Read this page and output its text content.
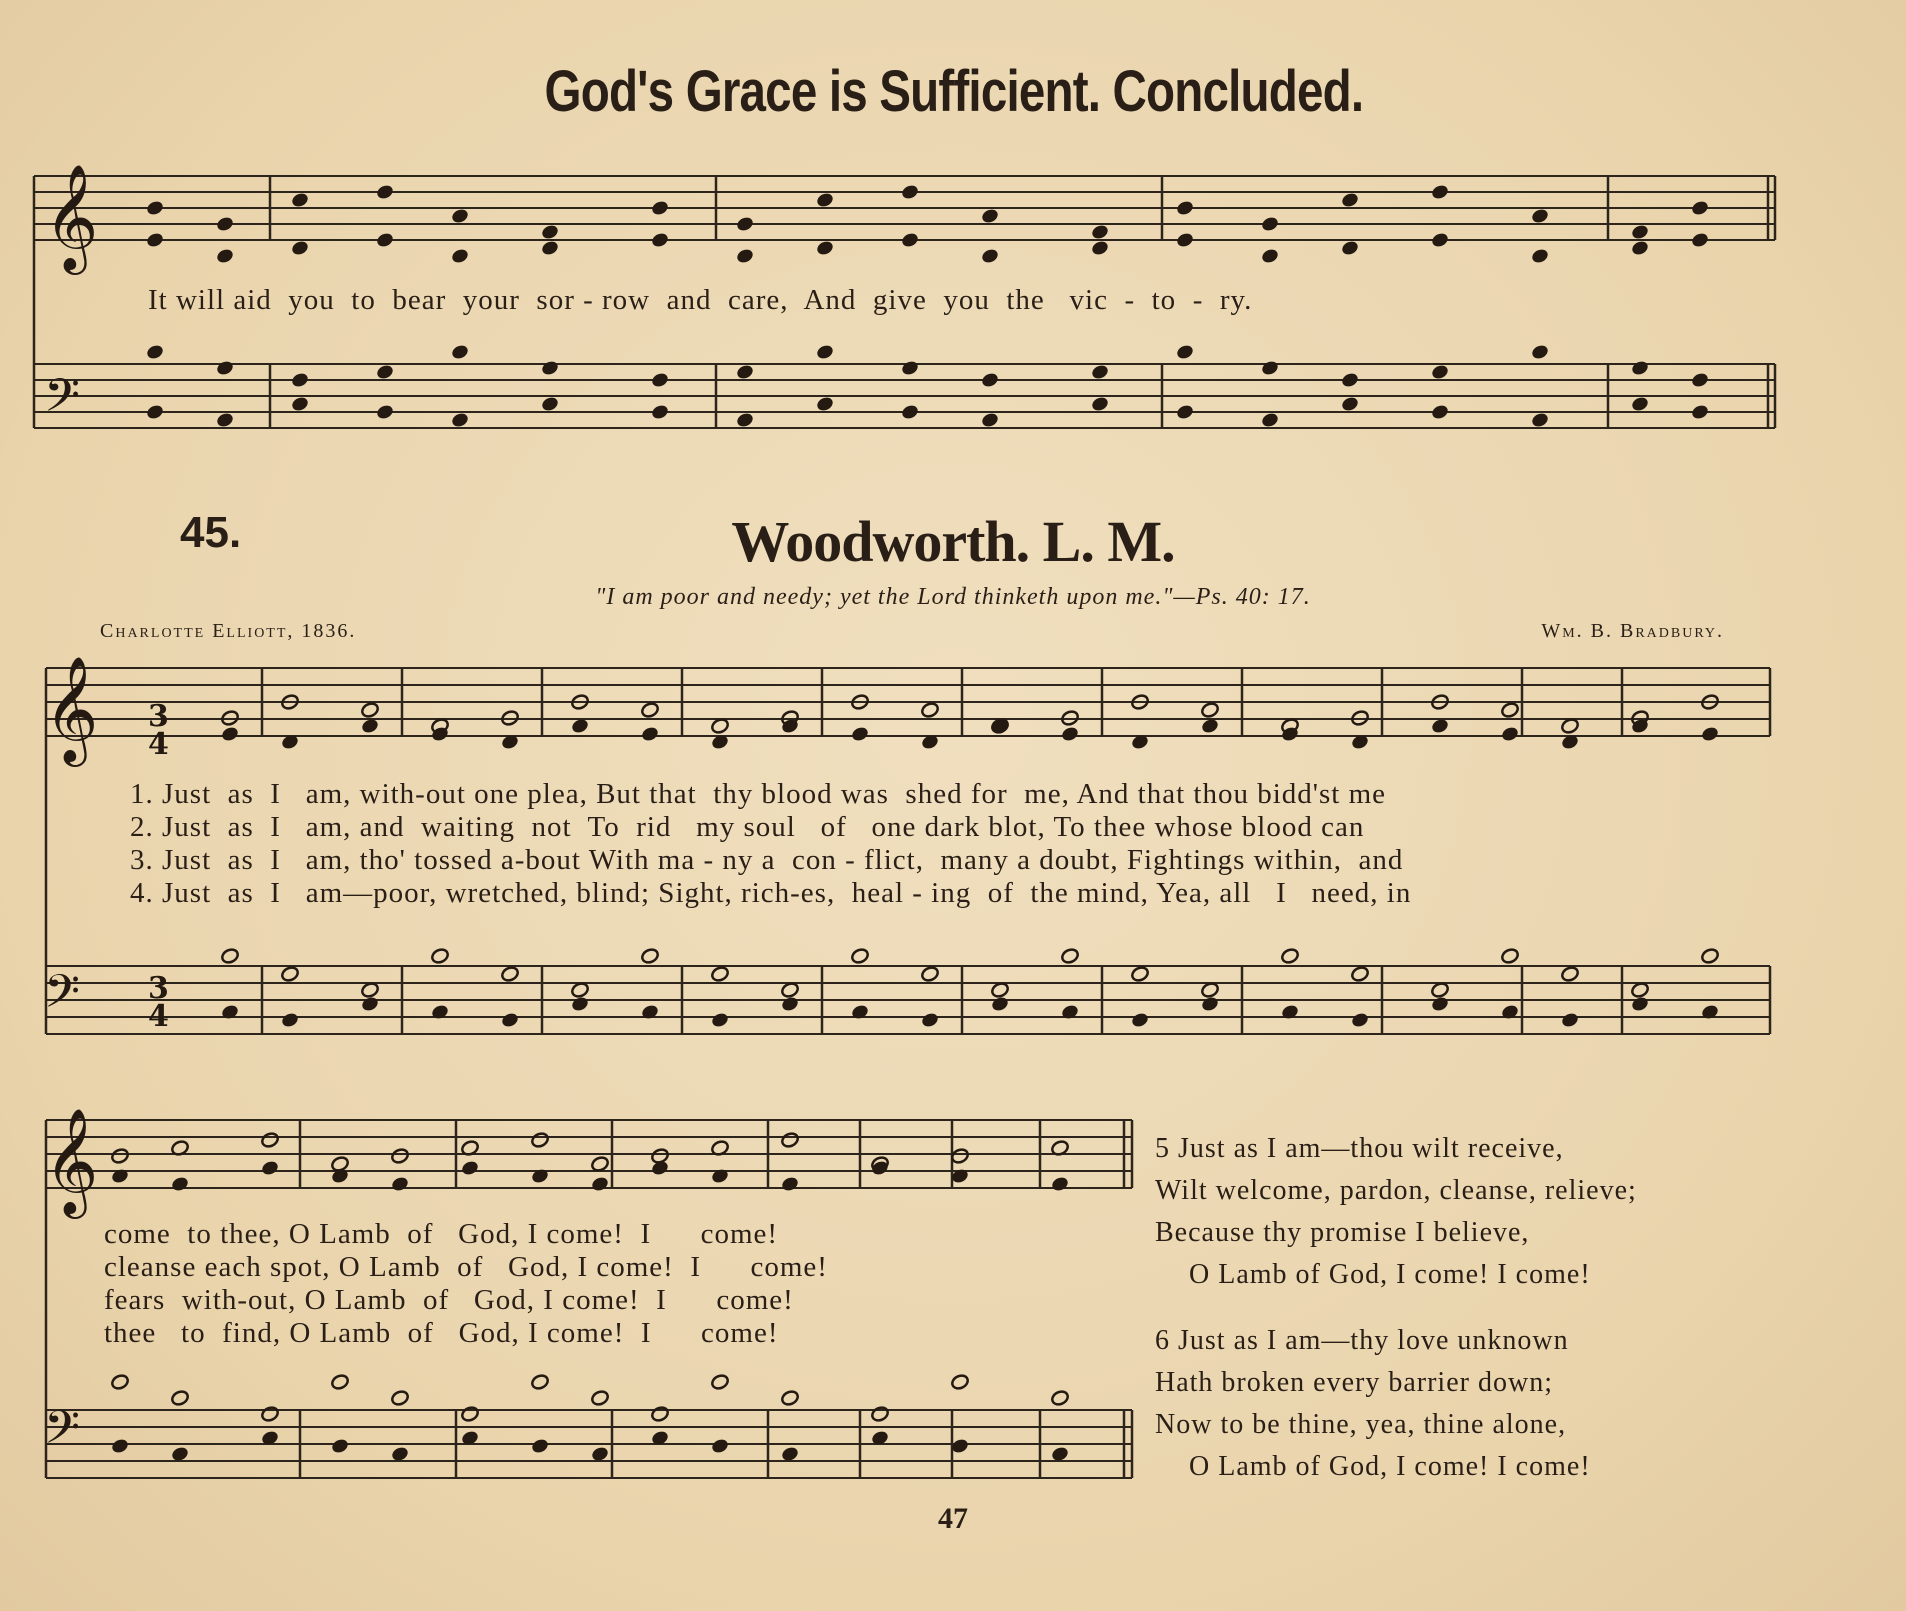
God's Grace is Sufficient. Concluded.
45.	Woodworth. L. M.
"I am poor and needy; yet the Lord thinketh upon me."—Ps. 40: 17.
Charlotte Elliott, 1836.	Wm. B. Bradbury.
𝄞
𝄢
𝄞
𝄢
𝄞
𝄢
3
4
3
4
It will aid you to bear your sor - row and care, And give you the vic - to - ry.
1. Just  as  I   am, with-out one plea, But that  thy blood was  shed for  me, And that thou bidd'st me
2. Just  as  I   am, and  waiting  not  To  rid   my soul   of   one dark blot, To thee whose blood can
3. Just  as  I   am, tho' tossed a-bout With ma - ny a  con - flict,  many a doubt, Fightings within,  and
4. Just  as  I   am—poor, wretched, blind; Sight, rich-es,  heal - ing  of  the mind, Yea, all   I   need, in
come  to thee, O Lamb  of   God, I come!  I      come!
cleanse each spot, O Lamb  of   God, I come!  I      come!
fears  with-out, O Lamb  of   God, I come!  I      come!
thee   to  find, O Lamb  of   God, I come!  I      come!
5 Just as I am—thou wilt receive,
Wilt welcome, pardon, cleanse, relieve;
Because thy promise I believe,
O Lamb of God, I come! I come!
6 Just as I am—thy love unknown
Hath broken every barrier down;
Now to be thine, yea, thine alone,
O Lamb of God, I come! I come!
47
